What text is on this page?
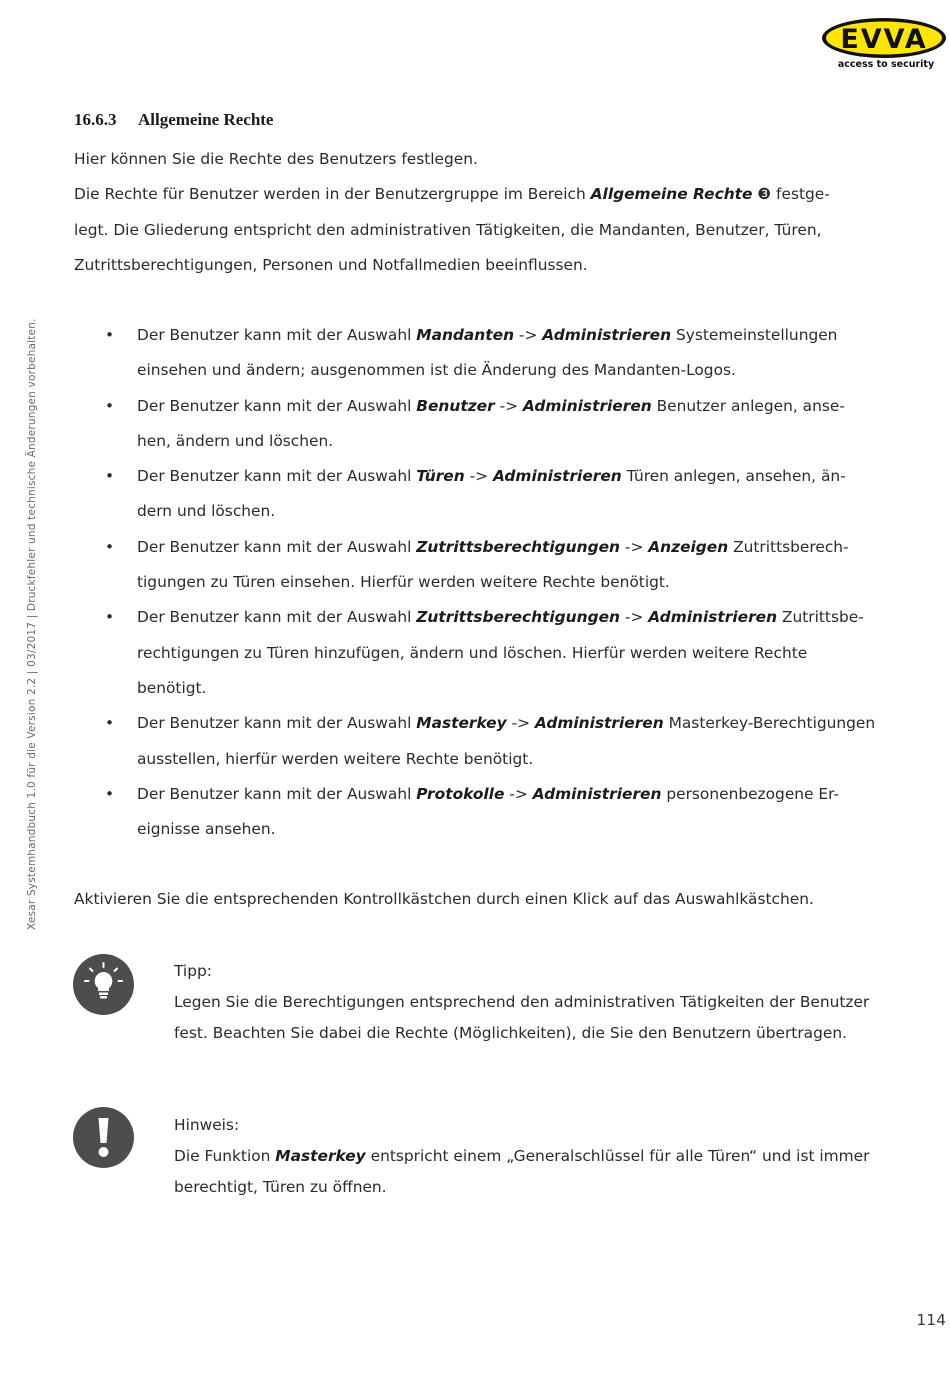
EVVA
access to security
Xesar Systemhandbuch 1.0 für die Version 2.2 | 03/2017 | Druckfehler und technische Änderungen vorbehalten.
16.6.3 Allgemeine Rechte
Hier können Sie die Rechte des Benutzers festlegen.
Die Rechte für Benutzer werden in der Benutzergruppe im Bereich Allgemeine Rechte ❸ festge-legt. Die Gliederung entspricht den administrativen Tätigkeiten, die Mandanten, Benutzer, Türen, Zutrittsberechtigungen, Personen und Notfallmedien beeinflussen.
• Der Benutzer kann mit der Auswahl Mandanten -> Administrieren Systemeinstellungen einsehen und ändern; ausgenommen ist die Änderung des Mandanten-Logos.
• Der Benutzer kann mit der Auswahl Benutzer -> Administrieren Benutzer anlegen, anse-hen, ändern und löschen.
• Der Benutzer kann mit der Auswahl Türen -> Administrieren Türen anlegen, ansehen, än-dern und löschen.
• Der Benutzer kann mit der Auswahl Zutrittsberechtigungen -> Anzeigen Zutrittsberech-tigungen zu Türen einsehen. Hierfür werden weitere Rechte benötigt.
• Der Benutzer kann mit der Auswahl Zutrittsberechtigungen -> Administrieren Zutrittsbe-rechtigungen zu Türen hinzufügen, ändern und löschen. Hierfür werden weitere Rechte benötigt.
• Der Benutzer kann mit der Auswahl Masterkey -> Administrieren Masterkey-Berechtigungen ausstellen, hierfür werden weitere Rechte benötigt.
• Der Benutzer kann mit der Auswahl Protokolle -> Administrieren personenbezogene Er-eignisse ansehen.

Aktivieren Sie die entsprechenden Kontrollkästchen durch einen Klick auf das Auswahlkästchen.

Tipp:
Legen Sie die Berechtigungen entsprechend den administrativen Tätigkeiten der Benutzer fest. Beachten Sie dabei die Rechte (Möglichkeiten), die Sie den Benutzern übertragen.
Hinweis:
Die Funktion Masterkey entspricht einem „Generalschlüssel für alle Türen“ und ist immer berechtigt, Türen zu öffnen.
114
